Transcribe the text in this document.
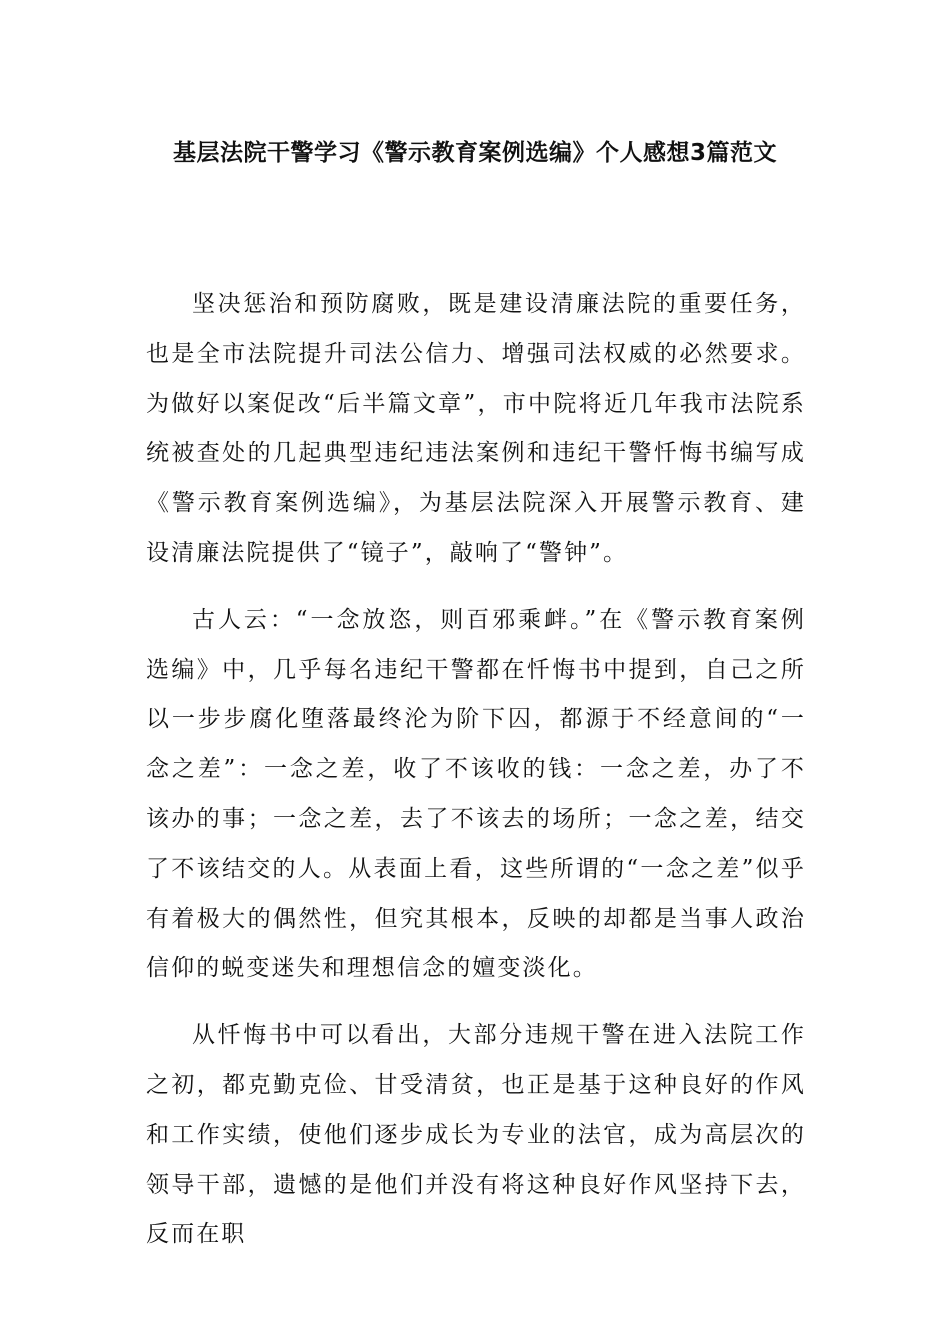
基层法院干警学习《警示教育案例选编》个人感想3篇范文

坚决惩治和预防腐败，既是建设清廉法院的重要任务，也是全市法院提升司法公信力、增强司法权威的必然要求。为做好以案促改“后半篇文章”，市中院将近几年我市法院系统被查处的几起典型违纪违法案例和违纪干警忏悔书编写成《警示教育案例选编》，为基层法院深入开展警示教育、建设清廉法院提供了“镜子”，敲响了“警钟”。

古人云：“一念放恣，则百邪乘衅。”在《警示教育案例选编》中，几乎每名违纪干警都在忏悔书中提到，自己之所以一步步腐化堕落最终沦为阶下囚，都源于不经意间的“一念之差”：一念之差，收了不该收的钱：一念之差，办了不该办的事；一念之差，去了不该去的场所；一念之差，结交了不该结交的人。从表面上看，这些所谓的“一念之差”似乎有着极大的偶然性，但究其根本，反映的却都是当事人政治信仰的蜕变迷失和理想信念的嬗变淡化。

从忏悔书中可以看出，大部分违规干警在进入法院工作之初，都克勤克俭、甘受清贫，也正是基于这种良好的作风和工作实绩，使他们逐步成长为专业的法官，成为高层次的领导干部，遗憾的是他们并没有将这种良好作风坚持下去，反而在职
